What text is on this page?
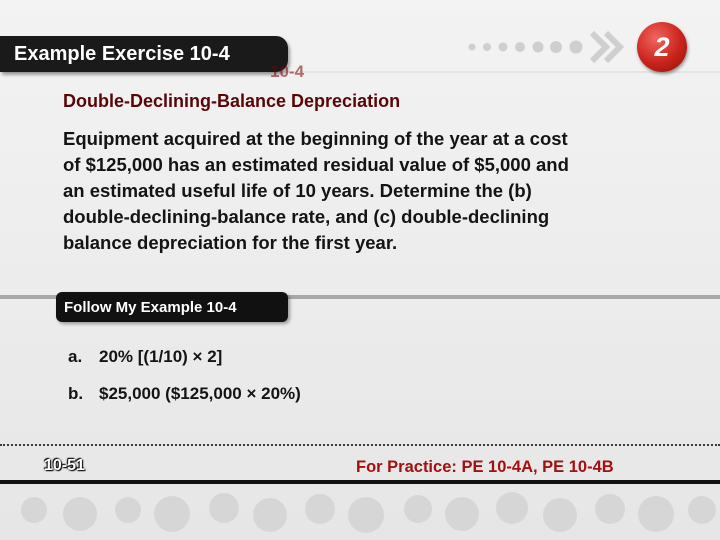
Example Exercise 10-4
10-4
2
Double-Declining-Balance Depreciation
Equipment acquired at the beginning of the year at a cost
of $125,000 has an estimated residual value of $5,000 and
an estimated useful life of 10 years. Determine the (b)
double-declining-balance rate, and (c) double-declining
balance depreciation for the first year.
Follow My Example 10-4
a. 20% [(1/10) × 2]
b. $25,000 ($125,000 × 20%)
10-51	For Practice: PE 10-4A, PE 10-4B
